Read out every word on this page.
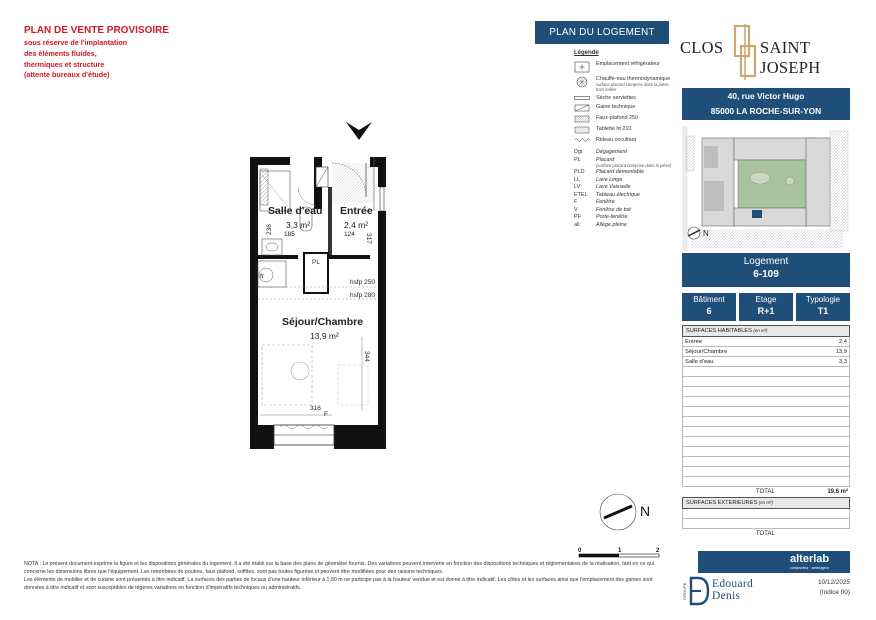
PLAN DE VENTE PROVISOIRE
sous réserve de l'implantation
des éléments fluides,
thermiques et structure
(attente bureaux d'étude)
PLAN DU LOGEMENT
Légende
Emplacement réfrigérateur
Chauffe-eau thermodynamique
surface placard comprise dans la pièce, hors cellier
Sèche serviettes
Gaine technique
Faux-plafond 250
Tablette ht 210
Rideau occultant
Dgt	Dégagement
PL	Placard
(surface placard comprise dans la pièce)
PLD	Placard démontable
LL	Lave Linge
LV	Lave Vaisselle
ETEL	Tableau électrique
F	Fenêtre
V	Fenêtre de toit
PF	Porte-fenêtre
all.	Allège pleine
CLOS SAINT JOSEPH
40, rue Victor Hugo
85000 LA ROCHE-SUR-YON
N
Logement
6-109
Bâtiment
6
Etage
R+1
Typologie
T1
SURFACES HABITABLES (en m²)
Entrée	2,4
Séjour/Chambre	13,9
Salle d'eau	3,3
TOTAL	19,6 m²
SURFACES EXTERIEURES (en m²)
TOTAL
Salle d'eau
3,3 m²
Entrée
2,4 m²
Séjour/Chambre
13,9 m²
236 185	124 317
PL
fr
hsfp 250
hsfp 280
344
316
F
N
0	1	2

NOTA : Le présent document exprime la figure et les dispositions générales du logement. Il a été établi sur la base des plans de géomètre fournis. Des variations peuvent intervenir en fonction des dispositions techniques et réglementaires de la réalisation, tant en ce qui concerne les dimensions libres que l'équipement. Les retombées de poutres, faux plafond, soffites, sont pas toutes figurées et peuvent être modifiées pour des raisons techniques.

Les éléments de mobilier et de cuisine sont présentés à titre indicatif. La surfaces des parties de locaux d'une hauteur inférieur à 1,80 m ne participe pas à la hauteur vendue et est donné à titre indicatif. Les côtes et les surfaces ainsi que l'emplacement des gaines sont données à titre indicatif et sont susceptibles de légères variations en fonction d'impératifs techniques ou administratifs.

alterlab
constructeur · aménageur
GROUPE Edouard
Denis
10/12/2025
(Indice 00)
